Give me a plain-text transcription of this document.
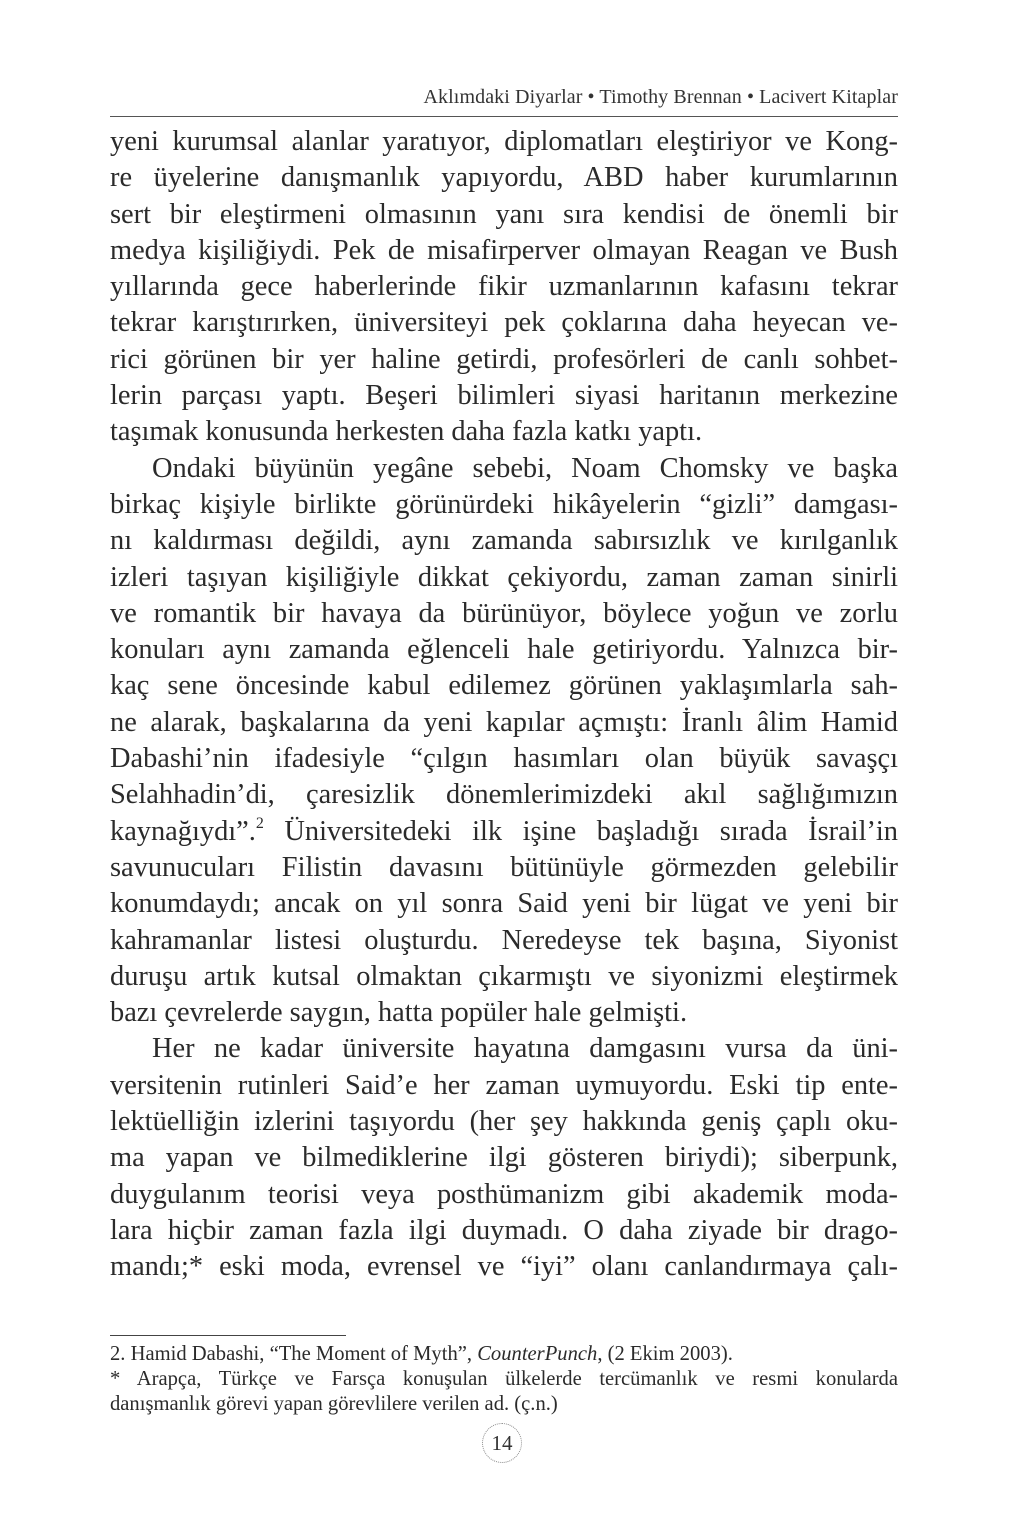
Aklımdaki Diyarlar • Timothy Brennan • Lacivert Kitaplar

yeni kurumsal alanlar yaratıyor, diplomatları eleştiriyor ve Kong-
re üyelerine danışmanlık yapıyordu, ABD haber kurumlarının
sert bir eleştirmeni olmasının yanı sıra kendisi de önemli bir
medya kişiliğiydi. Pek de misafirperver olmayan Reagan ve Bush
yıllarında gece haberlerinde fikir uzmanlarının kafasını tekrar
tekrar karıştırırken, üniversiteyi pek çoklarına daha heyecan ve-
rici görünen bir yer haline getirdi, profesörleri de canlı sohbet-
lerin parçası yaptı. Beşeri bilimleri siyasi haritanın merkezine
taşımak konusunda herkesten daha fazla katkı yaptı.

Ondaki büyünün yegâne sebebi, Noam Chomsky ve başka
birkaç kişiyle birlikte görünürdeki hikâyelerin “gizli” damgası-
nı kaldırması değildi, aynı zamanda sabırsızlık ve kırılganlık
izleri taşıyan kişiliğiyle dikkat çekiyordu, zaman zaman sinirli
ve romantik bir havaya da bürünüyor, böylece yoğun ve zorlu
konuları aynı zamanda eğlenceli hale getiriyordu. Yalnızca bir-
kaç sene öncesinde kabul edilemez görünen yaklaşımlarla sah-
ne alarak, başkalarına da yeni kapılar açmıştı: İranlı âlim Hamid
Dabashi’nin ifadesiyle “çılgın hasımları olan büyük savaşçı
Selahhadin’di, çaresizlik dönemlerimizdeki akıl sağlığımızın
kaynağıydı”.$^2$ Üniversitedeki ilk işine başladığı sırada İsrail’in
savunucuları Filistin davasını bütünüyle görmezden gelebilir
konumdaydı; ancak on yıl sonra Said yeni bir lügat ve yeni bir
kahramanlar listesi oluşturdu. Neredeyse tek başına, Siyonist
duruşu artık kutsal olmaktan çıkarmıştı ve siyonizmi eleştirmek
bazı çevrelerde saygın, hatta popüler hale gelmişti.

Her ne kadar üniversite hayatına damgasını vursa da üni-
versitenin rutinleri Said’e her zaman uymuyordu. Eski tip ente-
lektüelliğin izlerini taşıyordu (her şey hakkında geniş çaplı oku-
ma yapan ve bilmediklerine ilgi gösteren biriydi); siberpunk,
duygulanım teorisi veya posthümanizm gibi akademik moda-
lara hiçbir zaman fazla ilgi duymadı. O daha ziyade bir drago-
mandı;* eski moda, evrensel ve “iyi” olanı canlandırmaya çalı-

2. Hamid Dabashi, “The Moment of Myth”, CounterPunch, (2 Ekim 2003).
* Arapça, Türkçe ve Farsça konuşulan ülkelerde tercümanlık ve resmi konularda
danışmanlık görevi yapan görevlilere verilen ad. (ç.n.)
14
